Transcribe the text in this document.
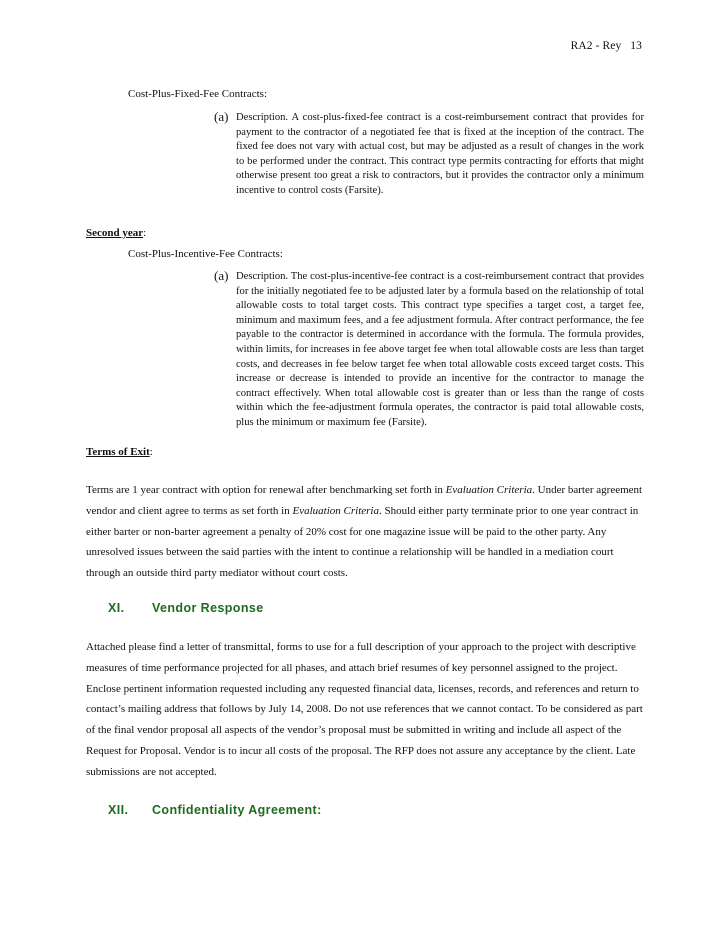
RA2 - Rey 13
Cost-Plus-Fixed-Fee Contracts:
(a) Description. A cost-plus-fixed-fee contract is a cost-reimbursement contract that provides for payment to the contractor of a negotiated fee that is fixed at the inception of the contract. The fixed fee does not vary with actual cost, but may be adjusted as a result of changes in the work to be performed under the contract. This contract type permits contracting for efforts that might otherwise present too great a risk to contractors, but it provides the contractor only a minimum incentive to control costs (Farsite).
Second year:
Cost-Plus-Incentive-Fee Contracts:
(a) Description. The cost-plus-incentive-fee contract is a cost-reimbursement contract that provides for the initially negotiated fee to be adjusted later by a formula based on the relationship of total allowable costs to total target costs. This contract type specifies a target cost, a target fee, minimum and maximum fees, and a fee adjustment formula. After contract performance, the fee payable to the contractor is determined in accordance with the formula. The formula provides, within limits, for increases in fee above target fee when total allowable costs are less than target costs, and decreases in fee below target fee when total allowable costs exceed target costs. This increase or decrease is intended to provide an incentive for the contractor to manage the contract effectively. When total allowable cost is greater than or less than the range of costs within which the fee-adjustment formula operates, the contractor is paid total allowable costs, plus the minimum or maximum fee (Farsite).
Terms of Exit:
Terms are 1 year contract with option for renewal after benchmarking set forth in Evaluation Criteria. Under barter agreement vendor and client agree to terms as set forth in Evaluation Criteria. Should either party terminate prior to one year contract in either barter or non-barter agreement a penalty of 20% cost for one magazine issue will be paid to the other party. Any unresolved issues between the said parties with the intent to continue a relationship will be handled in a mediation court through an outside third party mediator without court costs.
XI. Vendor Response
Attached please find a letter of transmittal, forms to use for a full description of your approach to the project with descriptive measures of time performance projected for all phases, and attach brief resumes of key personnel assigned to the project. Enclose pertinent information requested including any requested financial data, licenses, records, and references and return to contact’s mailing address that follows by July 14, 2008. Do not use references that we cannot contact. To be considered as part of the final vendor proposal all aspects of the vendor’s proposal must be submitted in writing and include all aspect of the Request for Proposal. Vendor is to incur all costs of the proposal. The RFP does not assure any acceptance by the client. Late submissions are not accepted.
XII. Confidentiality Agreement:
